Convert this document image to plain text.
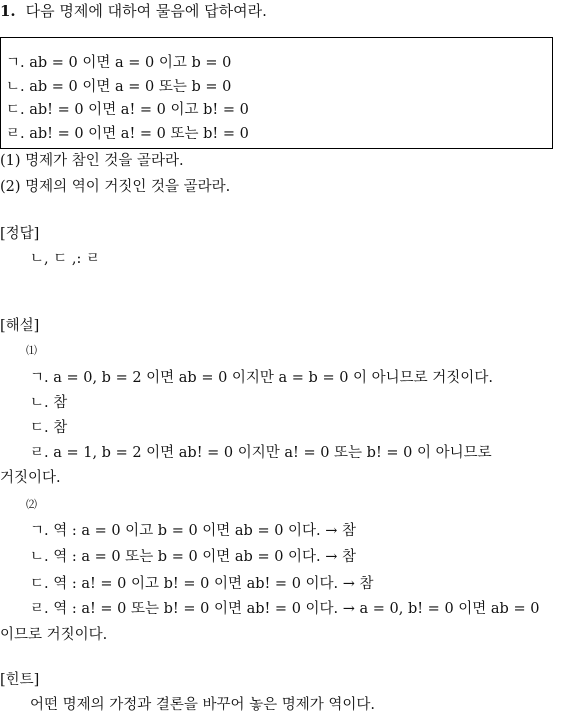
1. 다음 명제에 대하여 물음에 답하여라.
ㄱ. ab = 0 이면 a = 0 이고 b = 0
ㄴ. ab = 0 이면 a = 0 또는 b = 0
ㄷ. ab! = 0 이면 a! = 0 이고 b! = 0
ㄹ. ab! = 0 이면 a! = 0 또는 b! = 0
(1) 명제가 참인 것을 골라라.
(2) 명제의 역이 거짓인 것을 골라라.
[정답]
ㄴ, ㄷ ,: ㄹ
[해설]
⑴
ㄱ. a = 0, b = 2 이면 ab = 0 이지만 a = b = 0 이 아니므로 거짓이다.
ㄴ. 참
ㄷ. 참
ㄹ. a = 1, b = 2 이면 ab! = 0 이지만 a! = 0 또는 b! = 0 이 아니므로
거짓이다.
⑵
ㄱ. 역 : a = 0 이고 b = 0 이면 ab = 0 이다. → 참
ㄴ. 역 : a = 0 또는 b = 0 이면 ab = 0 이다. → 참
ㄷ. 역 : a! = 0 이고 b! = 0 이면 ab! = 0 이다. → 참
ㄹ. 역 : a! = 0 또는 b! = 0 이면 ab! = 0 이다. → a = 0, b! = 0 이면 ab = 0
이므로 거짓이다.
[힌트]
어떤 명제의 가정과 결론을 바꾸어 놓은 명제가 역이다.
